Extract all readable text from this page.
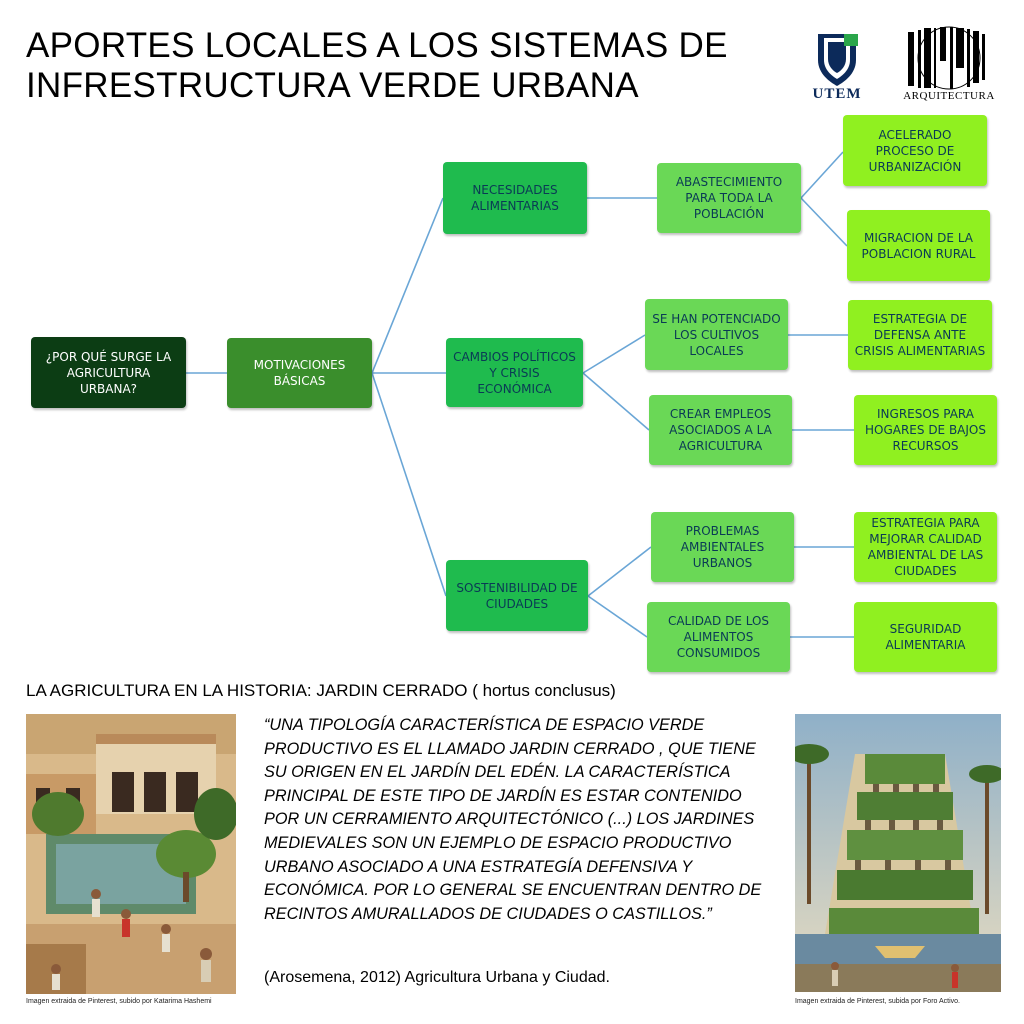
APORTES LOCALES A LOS SISTEMAS DE INFRESTRUCTURA VERDE URBANA	UTEM	ARQUITECTURA
¿POR QUÉ SURGE LA AGRICULTURA URBANA?
MOTIVACIONES BÁSICAS
NECESIDADES ALIMENTARIAS
CAMBIOS POLÍTICOS Y CRISIS ECONÓMICA
SOSTENIBILIDAD DE CIUDADES
ABASTECIMIENTO PARA TODA LA POBLACIÓN
SE HAN POTENCIADO LOS CULTIVOS LOCALES
CREAR EMPLEOS ASOCIADOS A LA AGRICULTURA
PROBLEMAS AMBIENTALES URBANOS
CALIDAD DE LOS ALIMENTOS CONSUMIDOS
ACELERADO PROCESO DE URBANIZACIÓN
MIGRACION DE LA POBLACION RURAL
ESTRATEGIA DE DEFENSA ANTE CRISIS ALIMENTARIAS
INGRESOS PARA HOGARES DE BAJOS RECURSOS
ESTRATEGIA PARA MEJORAR CALIDAD AMBIENTAL DE LAS CIUDADES
SEGURIDAD ALIMENTARIA
LA AGRICULTURA EN LA HISTORIA: JARDIN CERRADO ( hortus conclusus)
Imagen extraida de Pinterest, subido por Katarima Hashemi
“UNA TIPOLOGÍA CARACTERÍSTICA DE ESPACIO VERDE PRODUCTIVO ES EL LLAMADO JARDIN CERRADO , QUE TIENE SU ORIGEN EN EL JARDÍN DEL EDÉN. LA CARACTERÍSTICA PRINCIPAL DE ESTE TIPO DE JARDÍN ES ESTAR CONTENIDO POR UN CERRAMIENTO ARQUITECTÓNICO (...) LOS JARDINES MEDIEVALES SON UN EJEMPLO DE ESPACIO PRODUCTIVO URBANO ASOCIADO A UNA ESTRATEGÍA DEFENSIVA Y ECONÓMICA. POR LO GENERAL SE ENCUENTRAN DENTRO DE RECINTOS AMURALLADOS DE CIUDADES O CASTILLOS.”
(Arosemena, 2012) Agricultura Urbana y Ciudad.
Imagen extraida de Pinterest, subida por Foro Activo.
